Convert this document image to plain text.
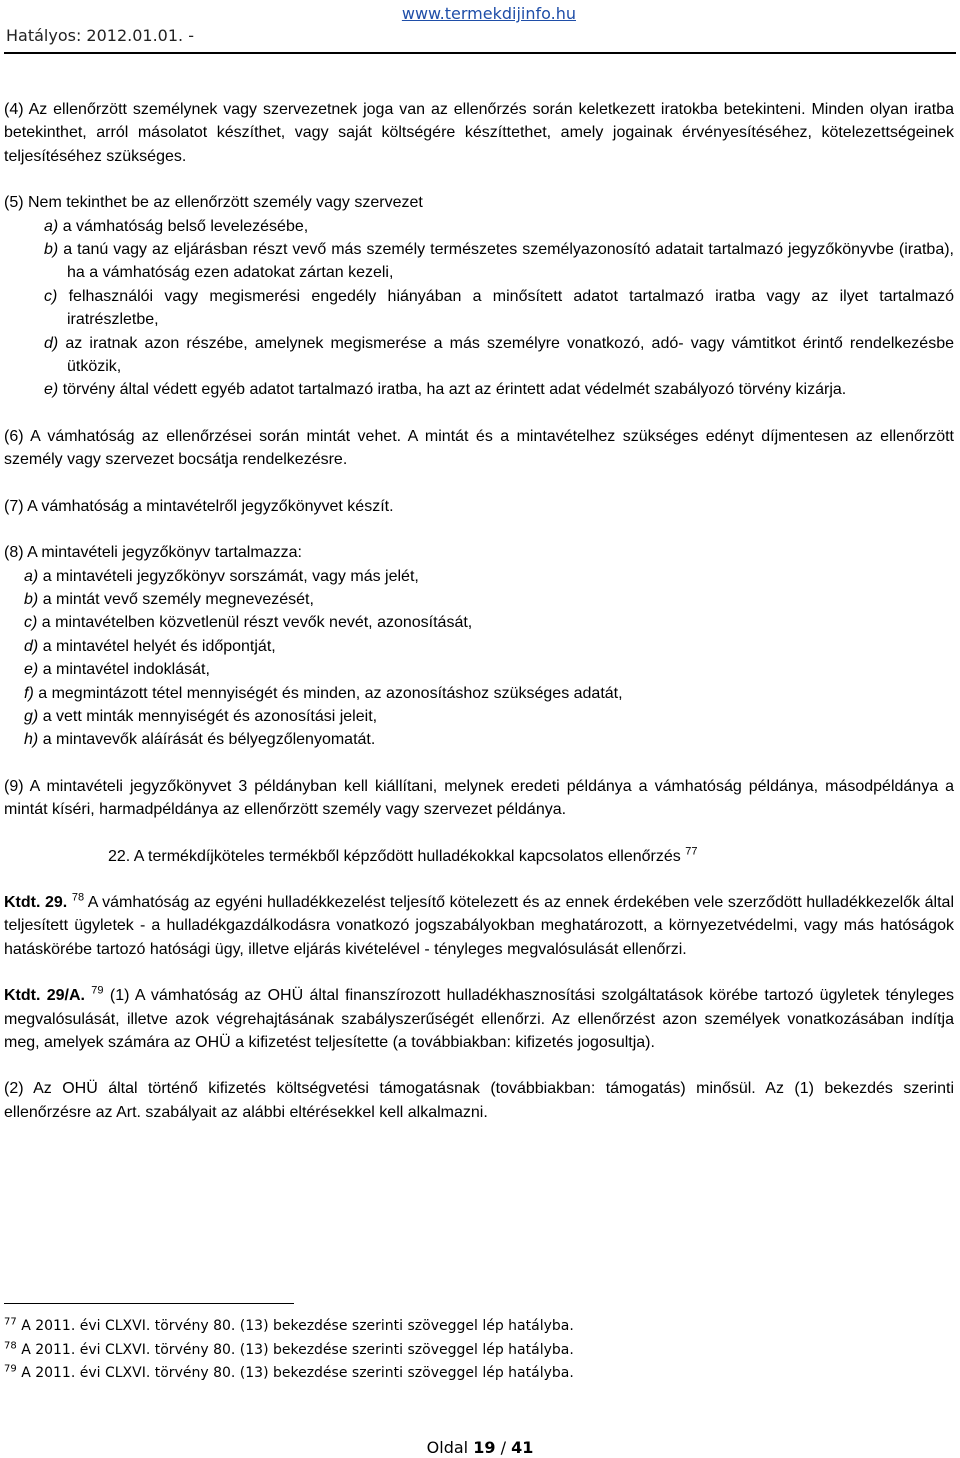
Hatályos: 2012.01.01. -
www.termekdijinfo.hu

(4) Az ellenőrzött személynek vagy szervezetnek joga van az ellenőrzés során keletkezett iratokba betekinteni. Minden olyan iratba betekinthet, arról másolatot készíthet, vagy saját költségére készíttethet, amely jogainak érvényesítéséhez, kötelezettségeinek teljesítéséhez szükséges.

(5) Nem tekinthet be az ellenőrzött személy vagy szervezet

a) a vámhatóság belső levelezésébe,
b) a tanú vagy az eljárásban részt vevő más személy természetes személyazonosító adatait tartalmazó jegyzőkönyvbe (iratba), ha a vámhatóság ezen adatokat zártan kezeli,
c) felhasználói vagy megismerési engedély hiányában a minősített adatot tartalmazó iratba vagy az ilyet tartalmazó iratrészletbe,
d) az iratnak azon részébe, amelynek megismerése a más személyre vonatkozó, adó- vagy vámtitkot érintő rendelkezésbe ütközik,
e) törvény által védett egyéb adatot tartalmazó iratba, ha azt az érintett adat védelmét szabályozó törvény kizárja.

(6) A vámhatóság az ellenőrzései során mintát vehet. A mintát és a mintavételhez szükséges edényt díjmentesen az ellenőrzött személy vagy szervezet bocsátja rendelkezésre.

(7) A vámhatóság a mintavételről jegyzőkönyvet készít.

(8) A mintavételi jegyzőkönyv tartalmazza:

a) a mintavételi jegyzőkönyv sorszámát, vagy más jelét,
b) a mintát vevő személy megnevezését,
c) a mintavételben közvetlenül részt vevők nevét, azonosítását,
d) a mintavétel helyét és időpontját,
e) a mintavétel indoklását,
f) a megmintázott tétel mennyiségét és minden, az azonosításhoz szükséges adatát,
g) a vett minták mennyiségét és azonosítási jeleit,
h) a mintavevők aláírását és bélyegzőlenyomatát.

(9) A mintavételi jegyzőkönyvet 3 példányban kell kiállítani, melynek eredeti példánya a vámhatóság példánya, másodpéldánya a mintát kíséri, harmadpéldánya az ellenőrzött személy vagy szervezet példánya.

22. A termékdíjköteles termékből képződött hulladékokkal kapcsolatos ellenőrzés $^{77}$

Ktdt. 29. $^{78}$ A vámhatóság az egyéni hulladékkezelést teljesítő kötelezett és az ennek érdekében vele szerződött hulladékkezelők által teljesített ügyletek - a hulladékgazdálkodásra vonatkozó jogszabályokban meghatározott, a környezetvédelmi, vagy más hatóságok hatáskörébe tartozó hatósági ügy, illetve eljárás kivételével - tényleges megvalósulását ellenőrzi.

Ktdt. 29/A. $^{79}$ (1) A vámhatóság az OHÜ által finanszírozott hulladékhasznosítási szolgáltatások körébe tartozó ügyletek tényleges megvalósulását, illetve azok végrehajtásának szabályszerűségét ellenőrzi. Az ellenőrzést azon személyek vonatkozásában indítja meg, amelyek számára az OHÜ a kifizetést teljesítette (a továbbiakban: kifizetés jogosultja).

(2) Az OHÜ által történő kifizetés költségvetési támogatásnak (továbbiakban: támogatás) minősül. Az (1) bekezdés szerinti ellenőrzésre az Art. szabályait az alábbi eltérésekkel kell alkalmazni.

$^{77}$ A 2011. évi CLXVI. törvény 80. (13) bekezdése szerinti szöveggel lép hatályba.
$^{78}$ A 2011. évi CLXVI. törvény 80. (13) bekezdése szerinti szöveggel lép hatályba.
$^{79}$ A 2011. évi CLXVI. törvény 80. (13) bekezdése szerinti szöveggel lép hatályba.
Oldal 19 / 41
